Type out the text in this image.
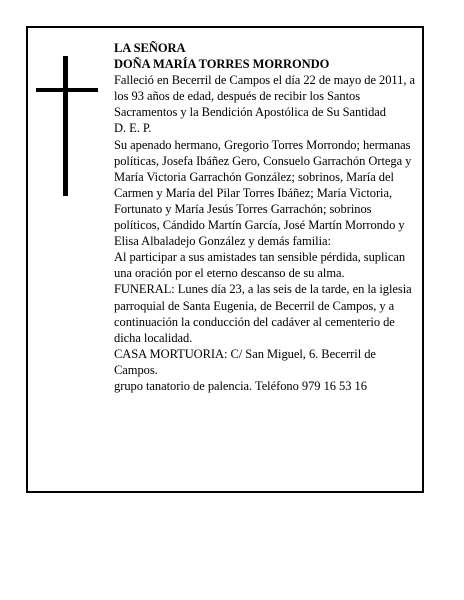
LA SEÑORA

DOÑA MARÍA TORRES MORRONDO

Falleció en Becerril de Campos el día 22 de mayo de 2011, a los 93 años de edad, después de recibir los Santos Sacramentos y la Bendición Apostólica de Su Santidad

D. E. P.

Su apenado hermano, Gregorio Torres Morrondo; hermanas políticas, Josefa Ibáñez Gero, Consuelo Garrachón Ortega y María Victoria Garrachón González; sobrinos, María del Carmen y María del Pilar Torres Ibáñez; María Victoria, Fortunato y María Jesús Torres Garrachón; sobrinos políticos, Cándido Martín García, José Martín Morrondo y Elisa Albaladejo González y demás familia:

Al participar a sus amistades tan sensible pérdida, suplican una oración por el eterno descanso de su alma.

FUNERAL: Lunes día 23, a las seis de la tarde, en la iglesia parroquial de Santa Eugenia, de Becerril de Campos, y a continuación la conducción del cadáver al cementerio de dicha localidad.

CASA MORTUORIA: C/ San Miguel, 6. Becerril de Campos.

grupo tanatorio de palencia. Teléfono 979 16 53 16
